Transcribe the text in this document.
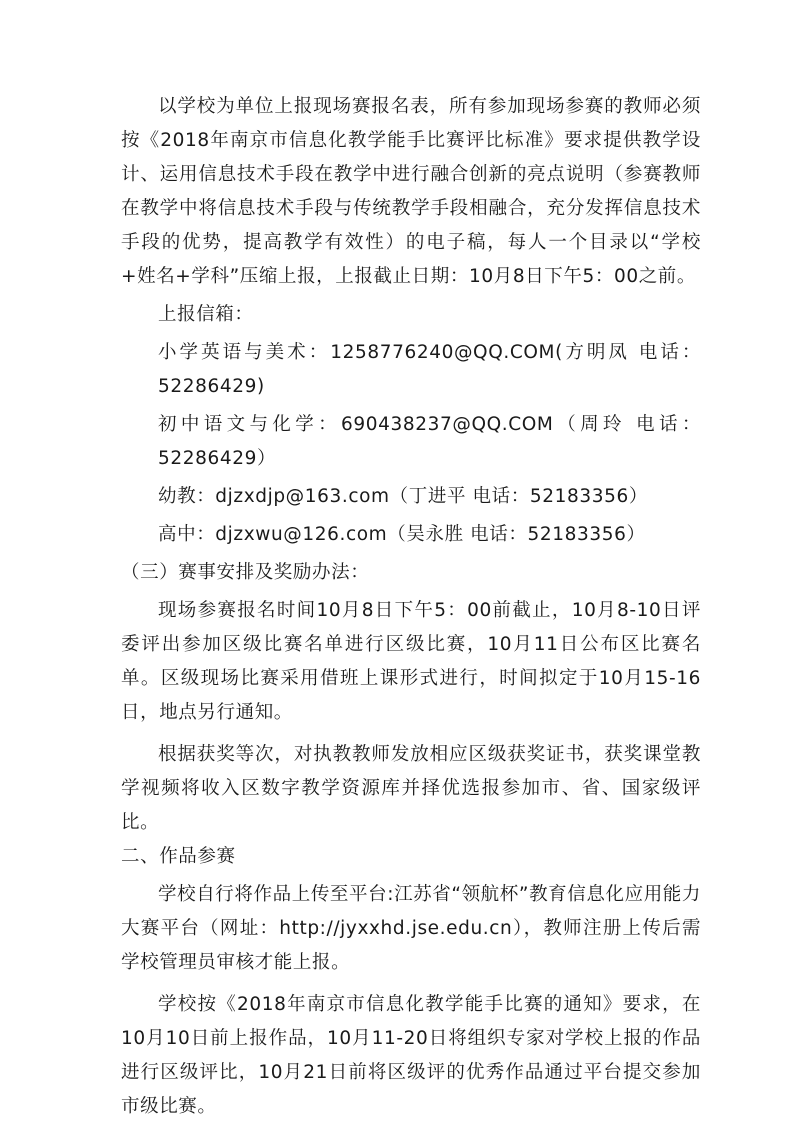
以学校为单位上报现场赛报名表，所有参加现场参赛的教师必须按《2018年南京市信息化教学能手比赛评比标准》要求提供教学设计、运用信息技术手段在教学中进行融合创新的亮点说明（参赛教师在教学中将信息技术手段与传统教学手段相融合，充分发挥信息技术手段的优势，提高教学有效性）的电子稿，每人一个目录以“学校+姓名+学科”压缩上报，上报截止日期：10月8日下午5：00之前。

上报信箱：

小学英语与美术：1258776240@QQ.COM(方明凤 电话：52286429)

初中语文与化学：690438237@QQ.COM（周玲 电话：52286429）

幼教：djzxdjp@163.com（丁进平 电话：52183356）

高中：djzxwu@126.com（吴永胜 电话：52183356）

（三）赛事安排及奖励办法：

现场参赛报名时间10月8日下午5：00前截止，10月8-10日评委评出参加区级比赛名单进行区级比赛，10月11日公布区比赛名单。区级现场比赛采用借班上课形式进行，时间拟定于10月15-16日，地点另行通知。

根据获奖等次，对执教教师发放相应区级获奖证书，获奖课堂教学视频将收入区数字教学资源库并择优选报参加市、省、国家级评比。

二、作品参赛

学校自行将作品上传至平台:江苏省“领航杯”教育信息化应用能力大赛平台（网址：http://jyxxhd.jse.edu.cn），教师注册上传后需学校管理员审核才能上报。

学校按《2018年南京市信息化教学能手比赛的通知》要求，在10月10日前上报作品，10月11-20日将组织专家对学校上报的作品进行区级评比，10月21日前将区级评的优秀作品通过平台提交参加市级比赛。
